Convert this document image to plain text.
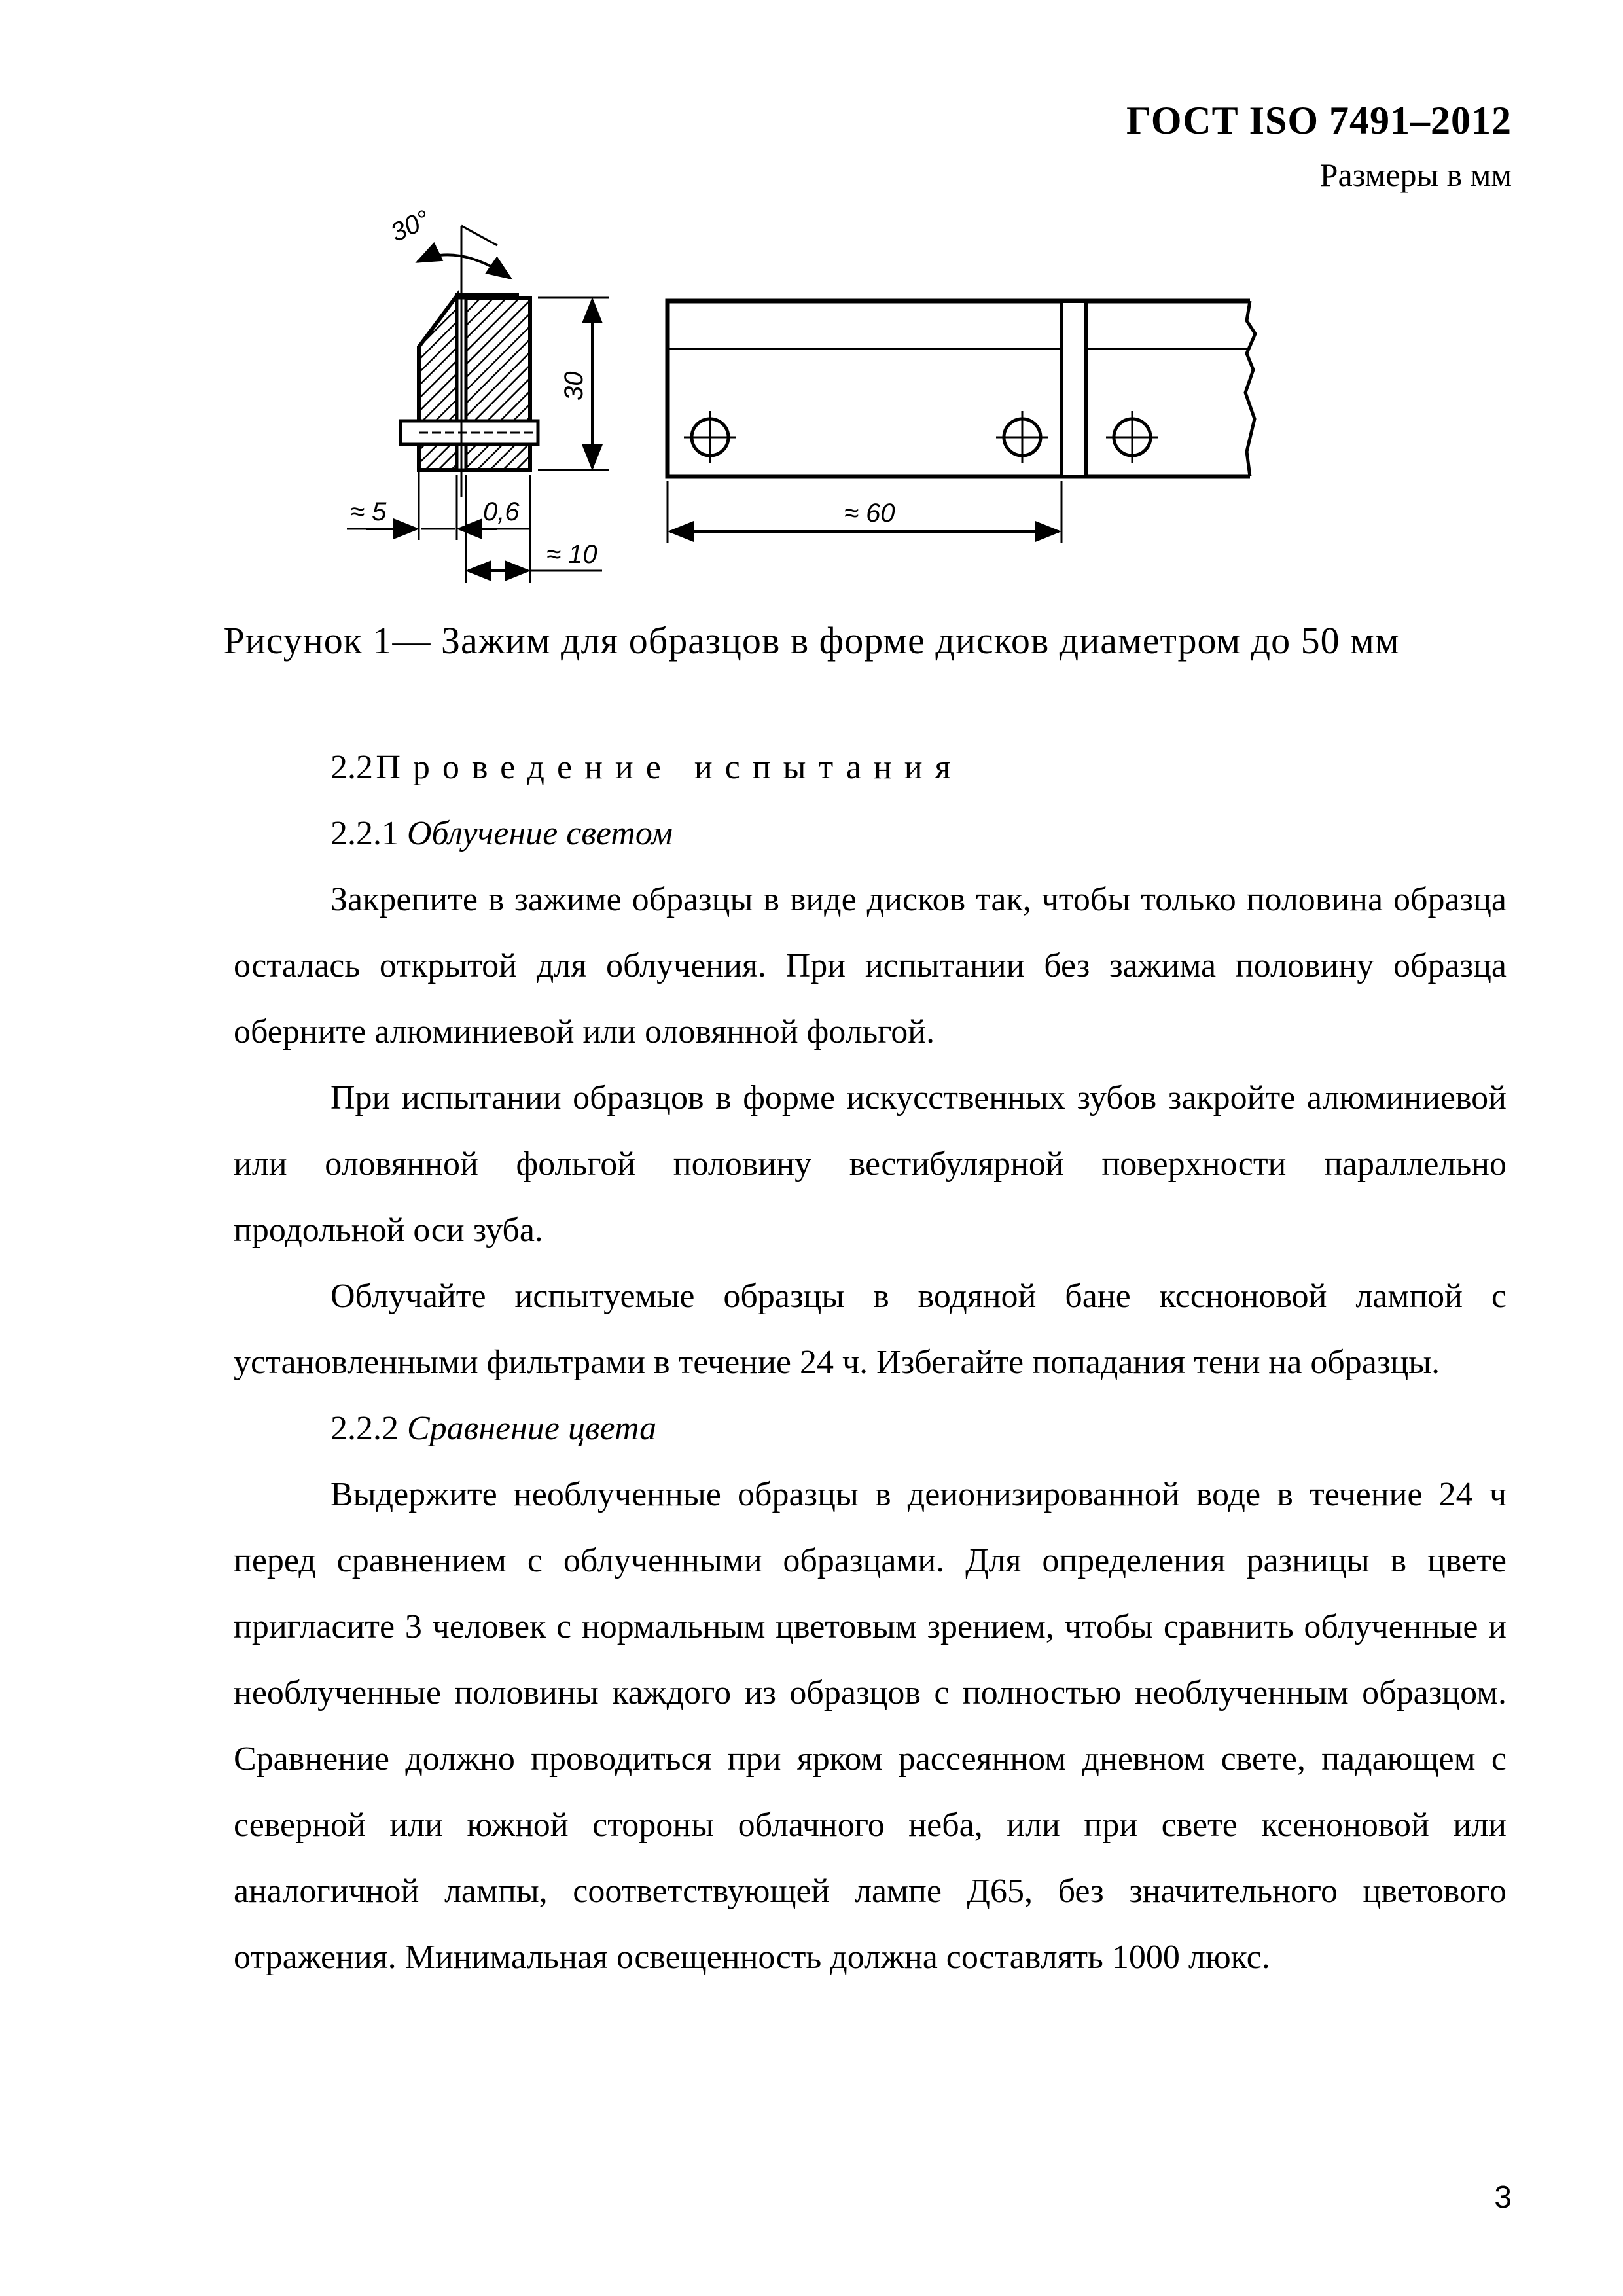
ГОСТ ISO 7491–2012
Размеры в мм
30°
30
≈ 5	0,6
≈ 10
≈ 60
Рисунок 1— Зажим для образцов в форме дисков диаметром до 50 мм

2.2 Проведение испытания

2.2.1 Облучение светом

Закрепите в зажиме образцы в виде дисков так, чтобы только половина образца осталась открытой для облучения. При испытании без зажима половину образца оберните алюминиевой или оловянной фольгой.

При испытании образцов в форме искусственных зубов закройте алюминиевой или оловянной фольгой половину вестибулярной поверхности параллельно продольной оси зуба.

Облучайте испытуемые образцы в водяной бане кссноновой лампой с установленными фильтрами в течение 24 ч. Избегайте попадания тени на образцы.

2.2.2 Сравнение цвета

Выдержите необлученные образцы в деионизированной воде в течение 24 ч перед сравнением с облученными образцами. Для определения разницы в цвете пригласите 3 человек с нормальным цветовым зрением, чтобы сравнить облученные и необлученные половины каждого из образцов с полностью необлученным образцом. Сравнение должно проводиться при ярком рассеянном дневном свете, падающем с северной или южной стороны облачного неба, или при свете ксеноновой или аналогичной лампы, соответствующей лампе Д65, без значительного цветового отражения. Минимальная освещенность должна составлять 1000 люкс.

3
